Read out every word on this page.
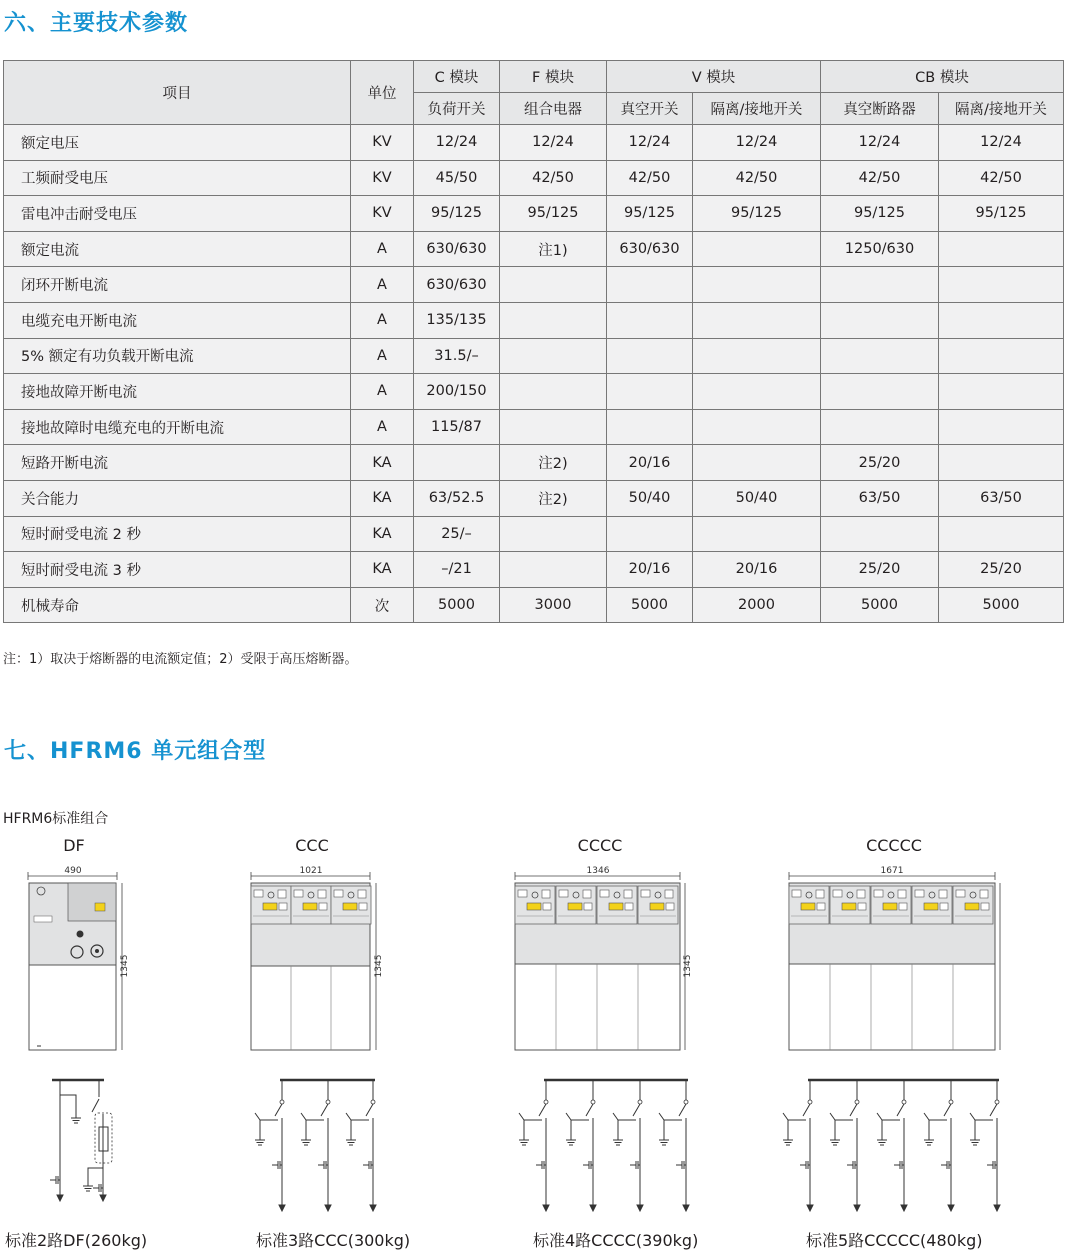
六、主要技术参数
项目	单位	C 模块	F 模块	V 模块		CB 模块	
		负荷开关	组合电器	真空开关	隔离/接地开关	真空断路器	隔离/接地开关
额定电压	KV	12/24	12/24	12/24	12/24	12/24	12/24
工频耐受电压	KV	45/50	42/50	42/50	42/50	42/50	42/50
雷电冲击耐受电压	KV	95/125	95/125	95/125	95/125	95/125	95/125
额定电流	A	630/630	注1)	630/630		1250/630	
闭环开断电流	A	630/630					
电缆充电开断电流	A	135/135					
5% 额定有功负载开断电流	A	31.5/–					
接地故障开断电流	A	200/150					
接地故障时电缆充电的开断电流	A	115/87					
短路开断电流	KA		注2)	20/16		25/20	
关合能力	KA	63/52.5	注2)	50/40	50/40	63/50	63/50
短时耐受电流 2 秒	KA	25/–					
短时耐受电流 3 秒	KA	–/21		20/16	20/16	25/20	25/20
机械寿命	次	5000	3000	5000	2000	5000	5000
注：1）取决于熔断器的电流额定值；2）受限于高压熔断器。
七、HFRM6 单元组合型
HFRM6标准组合
DF	CCC	CCCC	CCCCC
1345
490
1345
1021
1345
1346	1671
标准2路DF(260kg)	标准3路CCC(300kg)	标准4路CCCC(390kg)	标准5路CCCCC(480kg)
